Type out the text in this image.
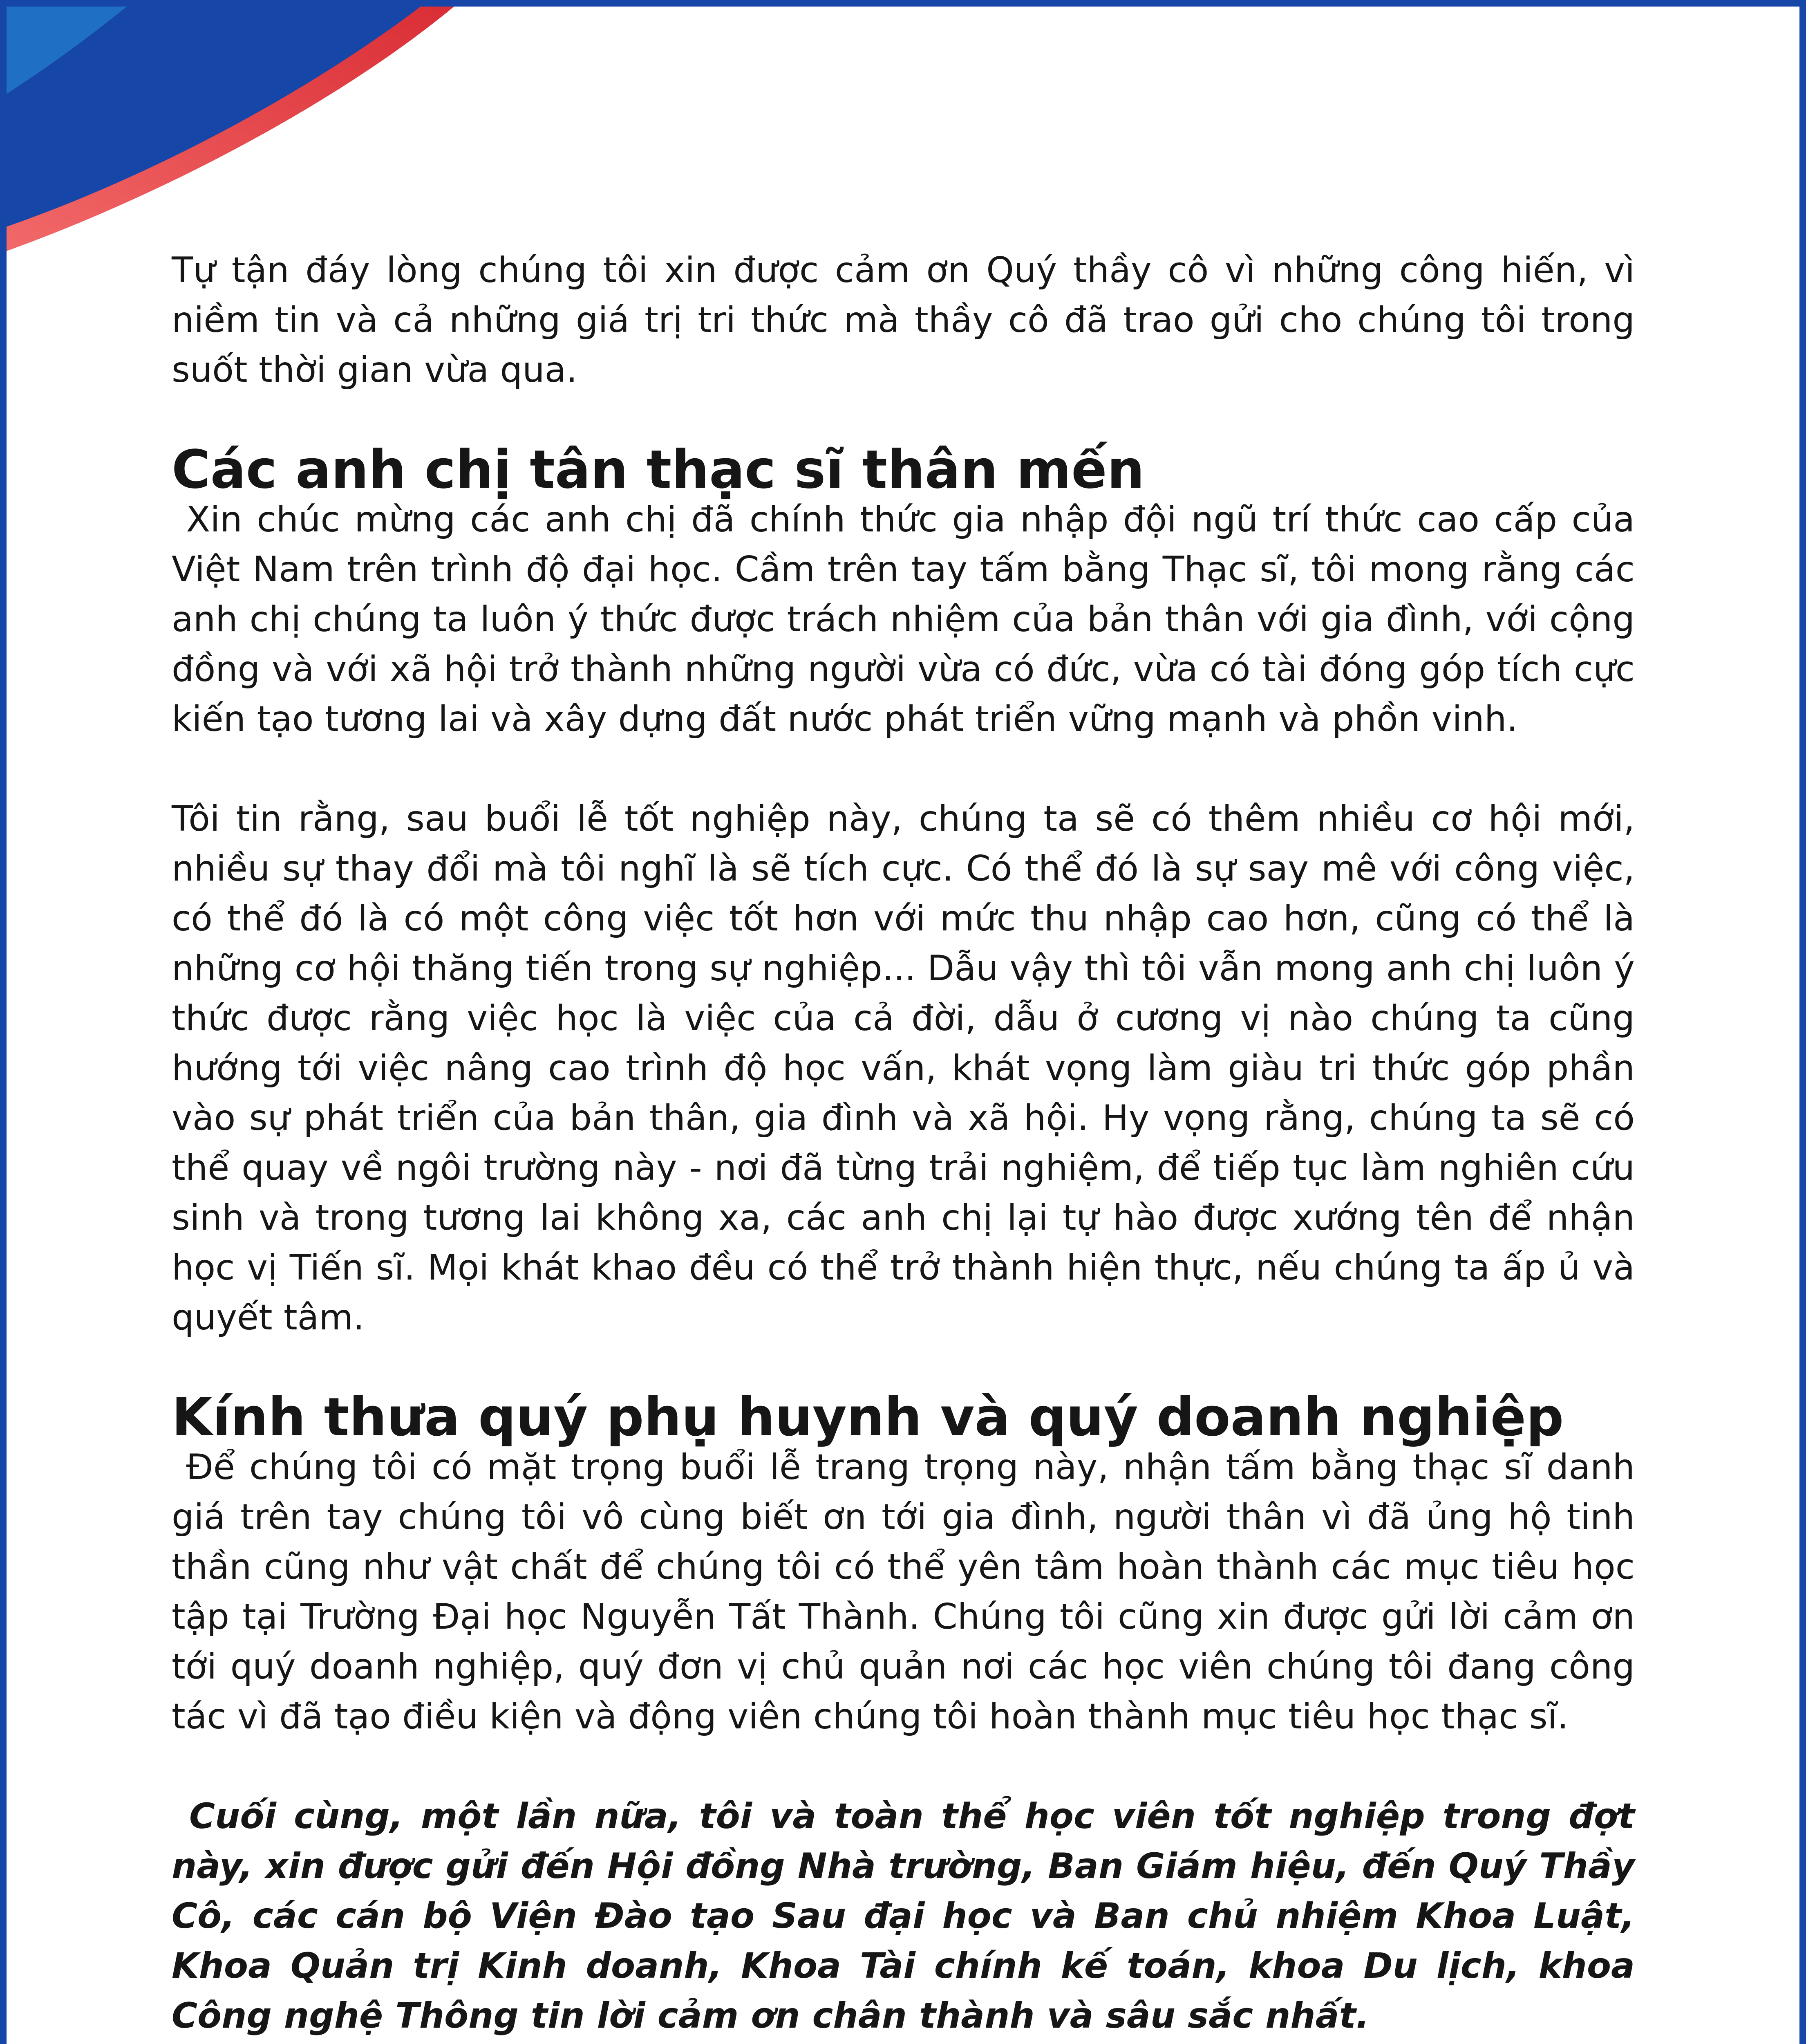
Tự tận đáy lòng chúng tôi xin được cảm ơn Quý thầy cô vì những công hiến, vì niềm tin và cả những giá trị tri thức mà thầy cô đã trao gửi cho chúng tôi trong suốt thời gian vừa qua.

Các anh chị tân thạc sĩ thân mến

Xin chúc mừng các anh chị đã chính thức gia nhập đội ngũ trí thức cao cấp của Việt Nam trên trình độ đại học. Cầm trên tay tấm bằng Thạc sĩ, tôi mong rằng các anh chị chúng ta luôn ý thức được trách nhiệm của bản thân với gia đình, với cộng đồng và với xã hội trở thành những người vừa có đức, vừa có tài đóng góp tích cực kiến tạo tương lai và xây dựng đất nước phát triển vững mạnh và phồn vinh.

Tôi tin rằng, sau buổi lễ tốt nghiệp này, chúng ta sẽ có thêm nhiều cơ hội mới, nhiều sự thay đổi mà tôi nghĩ là sẽ tích cực. Có thể đó là sự say mê với công việc, có thể đó là có một công việc tốt hơn với mức thu nhập cao hơn, cũng có thể là những cơ hội thăng tiến trong sự nghiệp... Dẫu vậy thì tôi vẫn mong anh chị luôn ý thức được rằng việc học là việc của cả đời, dẫu ở cương vị nào chúng ta cũng hướng tới việc nâng cao trình độ học vấn, khát vọng làm giàu tri thức góp phần vào sự phát triển của bản thân, gia đình và xã hội. Hy vọng rằng, chúng ta sẽ có thể quay về ngôi trường này - nơi đã từng trải nghiệm, để tiếp tục làm nghiên cứu sinh và trong tương lai không xa, các anh chị lại tự hào được xướng tên để nhận học vị Tiến sĩ. Mọi khát khao đều có thể trở thành hiện thực, nếu chúng ta ấp ủ và quyết tâm.

Kính thưa quý phụ huynh và quý doanh nghiệp

Để chúng tôi có mặt trọng buổi lễ trang trọng này, nhận tấm bằng thạc sĩ danh giá trên tay chúng tôi vô cùng biết ơn tới gia đình, người thân vì đã ủng hộ tinh thần cũng như vật chất để chúng tôi có thể yên tâm hoàn thành các mục tiêu học tập tại Trường Đại học Nguyễn Tất Thành. Chúng tôi cũng xin được gửi lời cảm ơn tới quý doanh nghiệp, quý đơn vị chủ quản nơi các học viên chúng tôi đang công tác vì đã tạo điều kiện và động viên chúng tôi hoàn thành mục tiêu học thạc sĩ.

Cuối cùng, một lần nữa, tôi và toàn thể học viên tốt nghiệp trong đợt này, xin được gửi đến Hội đồng Nhà trường, Ban Giám hiệu, đến Quý Thầy Cô, các cán bộ Viện Đào tạo Sau đại học và Ban chủ nhiệm Khoa Luật, Khoa Quản trị Kinh doanh, Khoa Tài chính kế toán, khoa Du lịch, khoa Công nghệ Thông tin lời cảm ơn chân thành và sâu sắc nhất.
